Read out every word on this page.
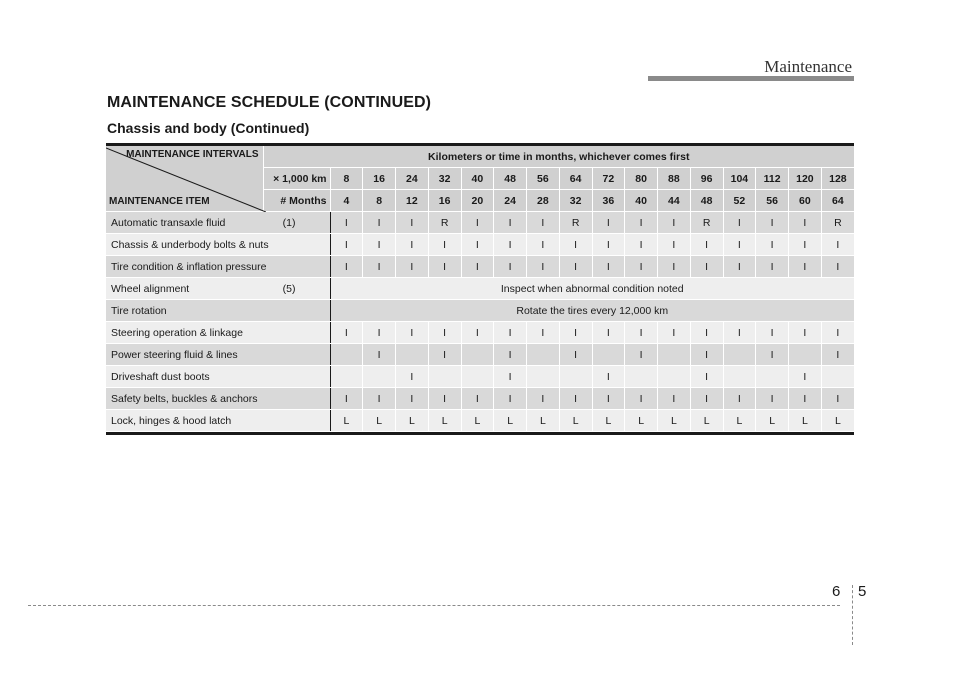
Maintenance
MAINTENANCE SCHEDULE (CONTINUED)
Chassis and body (Continued)
MAINTENANCE INTERVALS
MAINTENANCE ITEM	Kilometers or time in months, whichever comes first																
	× 1,000 km	8	16	24	32	40	48	56	64	72	80	88	96	104	112	120	128
	# Months	4	8	12	16	20	24	28	32	36	40	44	48	52	56	60	64

(1)
Automatic transaxle fluid		I	I	I	R	I	I	I	R	I	I	I	R	I	I	I	R
Chassis & underbody bolts & nuts		I	I	I	I	I	I	I	I	I	I	I	I	I	I	I	I
Tire condition & inflation pressure		I	I	I	I	I	I	I	I	I	I	I	I	I	I	I	I

(5)
Wheel alignment		Inspect when abnormal condition noted															
Tire rotation		Rotate the tires every 12,000 km															
Steering operation & linkage		I	I	I	I	I	I	I	I	I	I	I	I	I	I	I	I
Power steering fluid & lines			I		I		I		I		I		I		I		I
Driveshaft dust boots				I			I			I			I			I	
Safety belts, buckles & anchors		I	I	I	I	I	I	I	I	I	I	I	I	I	I	I	I
Lock, hinges & hood latch		L	L	L	L	L	L	L	L	L	L	L	L	L	L	L	L
6 5
